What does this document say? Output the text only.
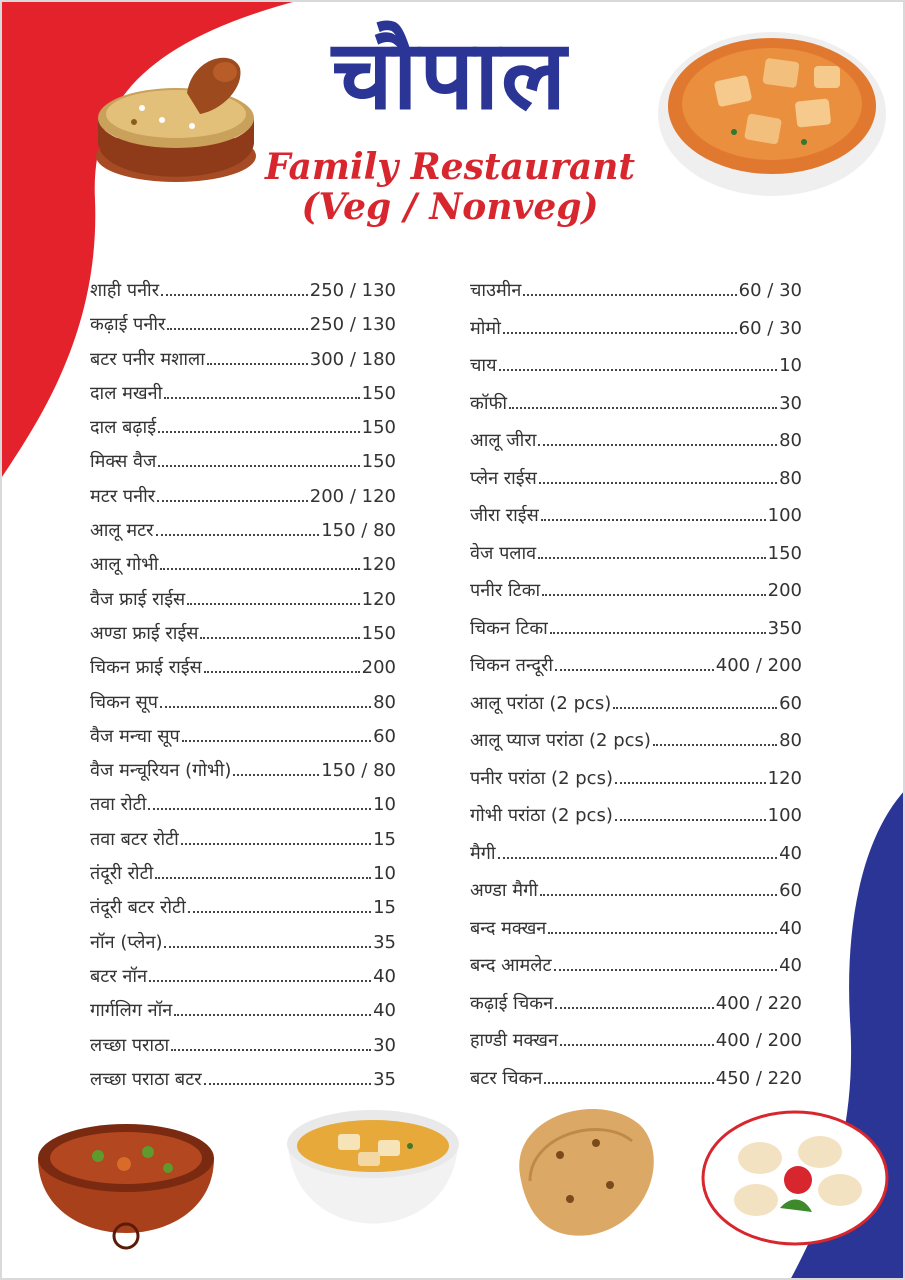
चौपाल
Family Restaurant
(Veg / Nonveg)
शाही पनीर	250 / 130
कढ़ाई पनीर	250 / 130
बटर पनीर मशाला	300 / 180
दाल मखनी	150
दाल बढ़ाई	150
मिक्स वैज	150
मटर पनीर	200 / 120
आलू मटर	150 / 80
आलू गोभी	120
वैज फ्राई राईस	120
अण्डा फ्राई राईस	150
चिकन फ्राई राईस	200
चिकन सूप	80
वैज मन्चा सूप	60
वैज मन्चूरियन (गोभी)	150 / 80
तवा रोटी	10
तवा बटर रोटी	15
तंदूरी रोटी	10
तंदूरी बटर रोटी	15
नॉन (प्लेन)	35
बटर नॉन	40
गार्गलिग नॉन	40
लच्छा पराठा	30
लच्छा पराठा बटर	35
चाउमीन	60 / 30
मोमो	60 / 30
चाय	10
कॉफी	30
आलू जीरा	80
प्लेन राईस	80
जीरा राईस	100
वेज पलाव	150
पनीर टिका	200
चिकन टिका	350
चिकन तन्दूरी	400 / 200
आलू परांठा (2 pcs)	60
आलू प्याज परांठा (2 pcs)	80
पनीर परांठा (2 pcs)	120
गोभी परांठा (2 pcs)	100
मैगी	40
अण्डा मैगी	60
बन्द मक्खन	40
बन्द आमलेट	40
कढ़ाई चिकन	400 / 220
हाण्डी मक्खन	400 / 200
बटर चिकन	450 / 220
